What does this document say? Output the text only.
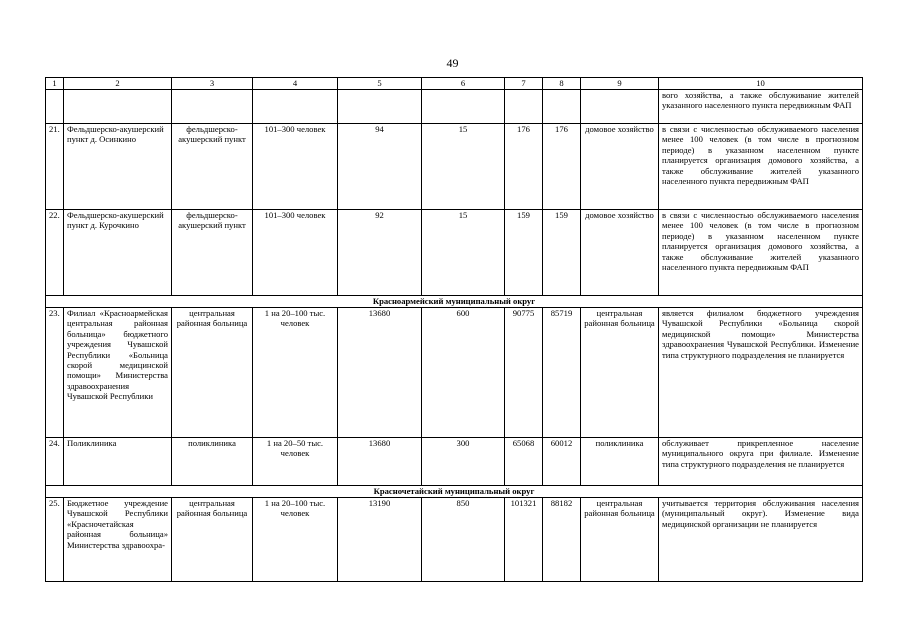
49
1	2	3	4	5	6	7	8	9	10
									вого хозяйства, а также обслуживание жителей указанного населенного пункта передвижным ФАП
21.	Фельдшерско-акушерский пункт д. Осинкино	фельдшерско-акушерский пункт	101–300 человек	94	15	176	176	домовое хозяйство	в связи с численностью обслуживаемого населения менее 100 человек (в том числе в прогнозном периоде) в указанном населенном пункте планируется организация домового хозяйства, а также обслуживание жителей указанного населенного пункта передвижным ФАП
22.	Фельдшерско-акушерский пункт д. Курочкино	фельдшерско-акушерский пункт	101–300 человек	92	15	159	159	домовое хозяйство	в связи с численностью обслуживаемого населения менее 100 человек (в том числе в прогнозном периоде) в указанном населенном пункте планируется организация домового хозяйства, а также обслуживание жителей указанного населенного пункта передвижным ФАП
Красноармейский муниципальный округ									
23.	Филиал «Красноармейская центральная районная больница» бюджетного учреждения Чувашской Республики «Больница скорой медицинской помощи» Министерства здравоохранения Чувашской Республики	центральная районная больница	1 на 20–100 тыс. человек	13680	600	90775	85719	центральная районная больница	является филиалом бюджетного учреждения Чувашской Республики «Больница скорой медицинской помощи» Министерства здравоохранения Чувашской Республики. Изменение типа структурного подразделения не планируется
24.	Поликлиника	поликлиника	1 на 20–50 тыс. человек	13680	300	65068	60012	поликлиника	обслуживает прикрепленное население муниципального округа при филиале. Изменение типа структурного подразделения не планируется
Красночетайский муниципальный округ									
25.	Бюджетное учреждение Чувашской Республики «Красночетайская районная больница» Министерства здравоохра-	центральная районная больница	1 на 20–100 тыс. человек	13190	850	101321	88182	центральная районная больница	учитывается территория обслуживания населения (муниципальный округ). Изменение вида медицинской организации не планируется
